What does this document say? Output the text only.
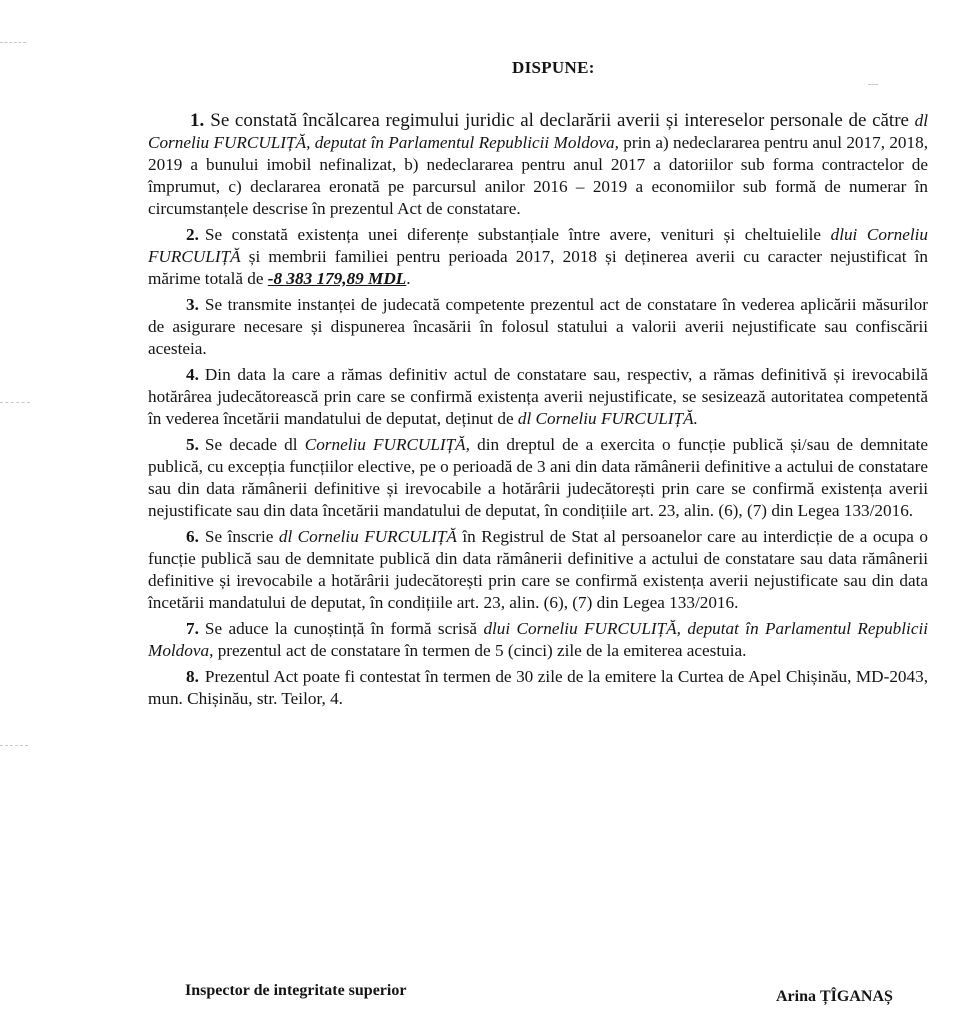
DISPUNE:

1. Se constată încălcarea regimului juridic al declarării averii și intereselor personale de către dl Corneliu FURCULIȚĂ, deputat în Parlamentul Republicii Moldova, prin a) nedeclararea pentru anul 2017, 2018, 2019 a bunului imobil nefinalizat, b) nedeclararea pentru anul 2017 a datoriilor sub forma contractelor de împrumut, c) declararea eronată pe parcursul anilor 2016 – 2019 a economiilor sub formă de numerar în circumstanțele descrise în prezentul Act de constatare.

2. Se constată existența unei diferențe substanțiale între avere, venituri și cheltuielile dlui Corneliu FURCULIȚĂ și membrii familiei pentru perioada 2017, 2018 și deținerea averii cu caracter nejustificat în mărime totală de -8 383 179,89 MDL.

3. Se transmite instanței de judecată competente prezentul act de constatare în vederea aplicării măsurilor de asigurare necesare și dispunerea încasării în folosul statului a valorii averii nejustificate sau confiscării acesteia.

4. Din data la care a rămas definitiv actul de constatare sau, respectiv, a rămas definitivă și irevocabilă hotărârea judecătorească prin care se confirmă existența averii nejustificate, se sesizează autoritatea competentă în vederea încetării mandatului de deputat, deținut de dl Corneliu FURCULIȚĂ.

5. Se decade dl Corneliu FURCULIȚĂ, din dreptul de a exercita o funcție publică și/sau de demnitate publică, cu excepția funcțiilor elective, pe o perioadă de 3 ani din data rămânerii definitive a actului de constatare sau din data rămânerii definitive și irevocabile a hotărârii judecătorești prin care se confirmă existența averii nejustificate sau din data încetării mandatului de deputat, în condițiile art. 23, alin. (6), (7) din Legea 133/2016.

6. Se înscrie dl Corneliu FURCULIȚĂ în Registrul de Stat al persoanelor care au interdicție de a ocupa o funcție publică sau de demnitate publică din data rămânerii definitive a actului de constatare sau data rămânerii definitive și irevocabile a hotărârii judecătorești prin care se confirmă existența averii nejustificate sau din data încetării mandatului de deputat, în condițiile art. 23, alin. (6), (7) din Legea 133/2016.

7. Se aduce la cunoștință în formă scrisă dlui Corneliu FURCULIȚĂ, deputat în Parlamentul Republicii Moldova, prezentul act de constatare în termen de 5 (cinci) zile de la emiterea acestuia.

8. Prezentul Act poate fi contestat în termen de 30 zile de la emitere la Curtea de Apel Chișinău, MD-2043, mun. Chișinău, str. Teilor, 4.

Inspector de integritate superior	Arina ȚÎGANAȘ
